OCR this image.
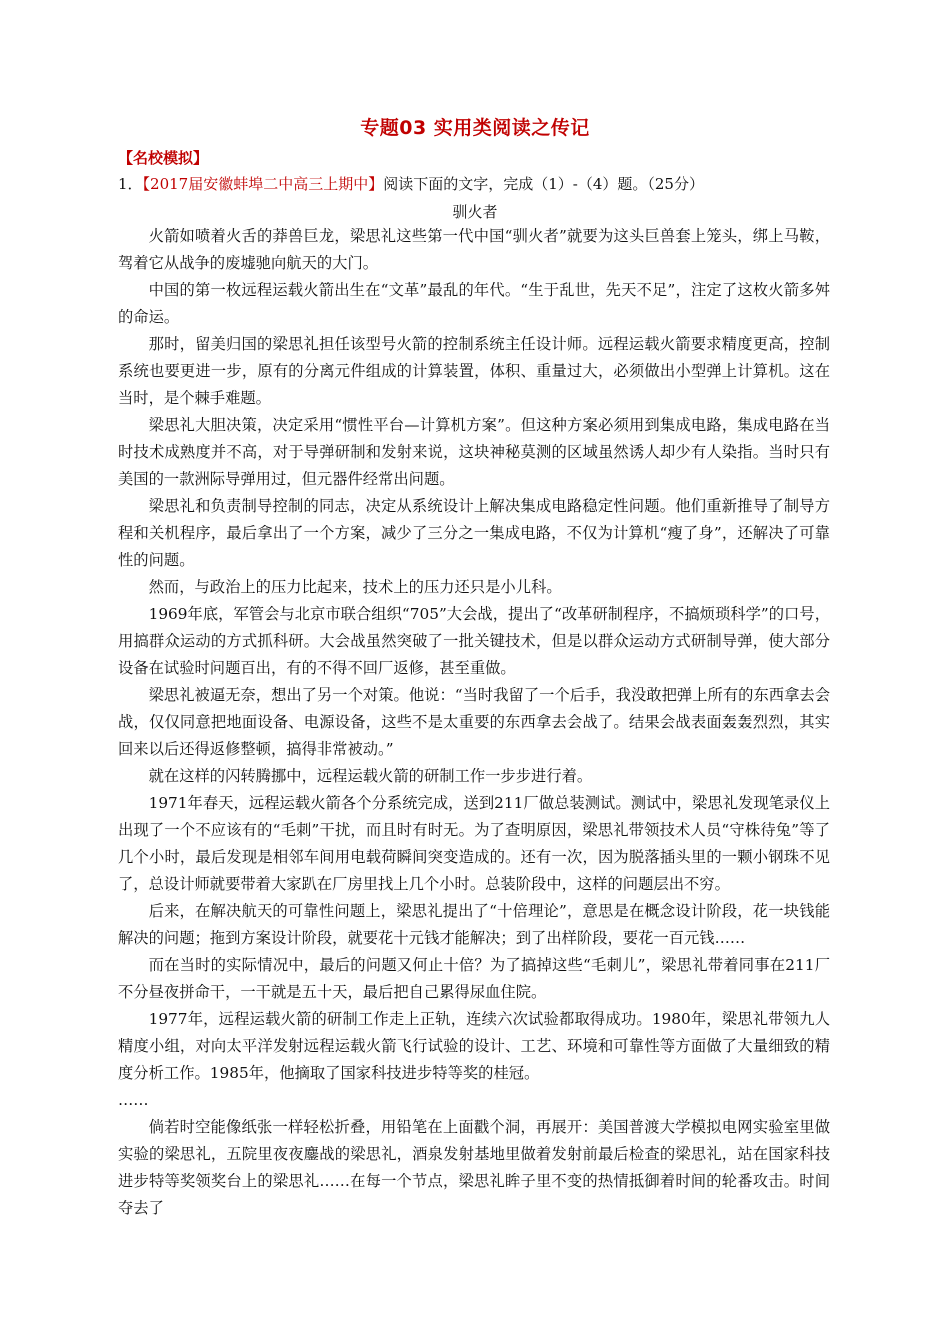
专题03 实用类阅读之传记
【名校模拟】
1．【2017届安徽蚌埠二中高三上期中】阅读下面的文字，完成（1）-（4）题。（25分）
驯火者

火箭如喷着火舌的莽兽巨龙，梁思礼这些第一代中国“驯火者”就要为这头巨兽套上笼头，绑上马鞍，驾着它从战争的废墟驰向航天的大门。

中国的第一枚远程运载火箭出生在“文革”最乱的年代。“生于乱世，先天不足”，注定了这枚火箭多舛的命运。

那时，留美归国的梁思礼担任该型号火箭的控制系统主任设计师。远程运载火箭要求精度更高，控制系统也要更进一步，原有的分离元件组成的计算装置，体积、重量过大，必须做出小型弹上计算机。这在当时，是个棘手难题。

梁思礼大胆决策，决定采用“惯性平台—计算机方案”。但这种方案必须用到集成电路，集成电路在当时技术成熟度并不高，对于导弹研制和发射来说，这块神秘莫测的区域虽然诱人却少有人染指。当时只有美国的一款洲际导弹用过，但元器件经常出问题。

梁思礼和负责制导控制的同志，决定从系统设计上解决集成电路稳定性问题。他们重新推导了制导方程和关机程序，最后拿出了一个方案，减少了三分之一集成电路，不仅为计算机“瘦了身”，还解决了可靠性的问题。

然而，与政治上的压力比起来，技术上的压力还只是小儿科。

1969年底，军管会与北京市联合组织“705”大会战，提出了“改革研制程序，不搞烦琐科学”的口号，用搞群众运动的方式抓科研。大会战虽然突破了一批关键技术，但是以群众运动方式研制导弹，使大部分设备在试验时问题百出，有的不得不回厂返修，甚至重做。

梁思礼被逼无奈，想出了另一个对策。他说：“当时我留了一个后手，我没敢把弹上所有的东西拿去会战，仅仅同意把地面设备、电源设备，这些不是太重要的东西拿去会战了。结果会战表面轰轰烈烈，其实回来以后还得返修整顿，搞得非常被动。”

就在这样的闪转腾挪中，远程运载火箭的研制工作一步步进行着。

1971年春天，远程运载火箭各个分系统完成，送到211厂做总装测试。测试中，梁思礼发现笔录仪上出现了一个不应该有的“毛刺”干扰，而且时有时无。为了查明原因，梁思礼带领技术人员“守株待兔”等了几个小时，最后发现是相邻车间用电载荷瞬间突变造成的。还有一次，因为脱落插头里的一颗小钢珠不见了，总设计师就要带着大家趴在厂房里找上几个小时。总装阶段中，这样的问题层出不穷。

后来，在解决航天的可靠性问题上，梁思礼提出了“十倍理论”，意思是在概念设计阶段，花一块钱能解决的问题；拖到方案设计阶段，就要花十元钱才能解决；到了出样阶段，要花一百元钱……

而在当时的实际情况中，最后的问题又何止十倍？为了搞掉这些“毛刺儿”，梁思礼带着同事在211厂不分昼夜拼命干，一干就是五十天，最后把自己累得尿血住院。

1977年，远程运载火箭的研制工作走上正轨，连续六次试验都取得成功。1980年，梁思礼带领九人精度小组，对向太平洋发射远程运载火箭飞行试验的设计、工艺、环境和可靠性等方面做了大量细致的精度分析工作。1985年，他摘取了国家科技进步特等奖的桂冠。

……

倘若时空能像纸张一样轻松折叠，用铅笔在上面戳个洞，再展开：美国普渡大学模拟电网实验室里做实验的梁思礼，五院里夜夜鏖战的梁思礼，酒泉发射基地里做着发射前最后检查的梁思礼，站在国家科技进步特等奖领奖台上的梁思礼……在每一个节点，梁思礼眸子里不变的热情抵御着时间的轮番攻击。时间夺去了
